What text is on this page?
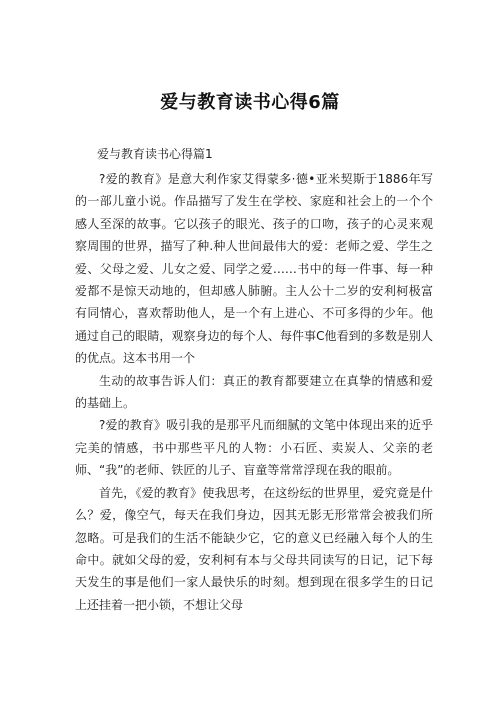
爱与教育读书心得6篇
爱与教育读书心得篇1

?爱的教育》是意大利作家艾得蒙多·德•亚米契斯于1886年写的一部儿童小说。作品描写了发生在学校、家庭和社会上的一个个感人至深的故事。它以孩子的眼光、孩子的口吻，孩子的心灵来观察周围的世界，描写了种.种人世间最伟大的爱：老师之爱、学生之爱、父母之爱、儿女之爱、同学之爱……书中的每一件事、每一种爱都不是惊天动地的，但却感人肺腑。主人公十二岁的安利柯极富有同情心，喜欢帮助他人，是一个有上进心、不可多得的少年。他通过自己的眼睛，观察身边的每个人、每件事C他看到的多数是别人的优点。这本书用一个

生动的故事告诉人们：真正的教育都要建立在真挚的情感和爱的基础上。

?爱的教育》吸引我的是那平凡而细腻的文笔中体现出来的近乎完美的情感，书中那些平凡的人物：小石匠、卖炭人、父亲的老师、“我”的老师、铁匠的儿子、盲童等常常浮现在我的眼前。

首先，《爱的教育》使我思考，在这纷纭的世界里，爱究竟是什么？爱，像空气，每天在我们身边，因其无影无形常常会被我们所忽略。可是我们的生活不能缺少它，它的意义已经融入每个人的生命中。就如父母的爱，安利柯有本与父母共同读写的日记，记下每天发生的事是他们一家人最快乐的时刻。想到现在很多学生的日记上还挂着一把小锁，不想让父母
